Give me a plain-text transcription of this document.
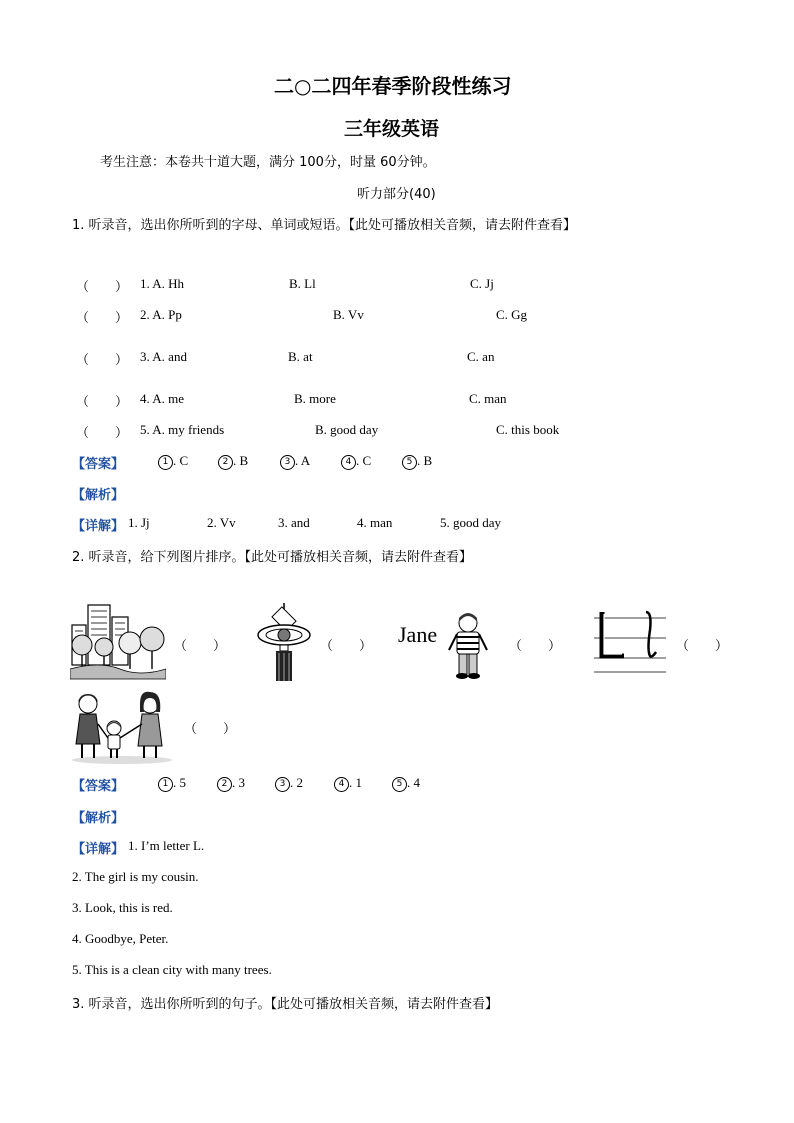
二○二四年春季阶段性练习
三年级英语
考生注意：本卷共十道大题，满分 100分，时量 60分钟。
听力部分(40)
1. 听录音，选出你所听到的字母、单词或短语。【此处可播放相关音频，请去附件查看】
（　　） 1. A. Hh	B. Ll	C. Jj
（　　） 2. A. Pp	B. Vv	C. Gg
（　　） 3. A. and	B. at	C. an
（　　） 4. A. me	B. more	C. man
（　　） 5. A. my friends	B. good day	C. this book
【答案】	1 . C	2 . B	3 . A	4 . C	5 . B
【解析】
【详解】 1. Jj	2. Vv	3. and	4. man	5. good day
2. 听录音，给下列图片排序。【此处可播放相关音频，请去附件查看】
（　　）	（　　） Jane	（　　）	（　　）
（　　）
【答案】	1 . 5	2 . 3	3 . 2	4 . 1	5 . 4
【解析】
【详解】 1. I’m letter L.
2. The girl is my cousin.
3. Look, this is red.
4. Goodbye, Peter.
5. This is a clean city with many trees.
3. 听录音，选出你所听到的句子。【此处可播放相关音频，请去附件查看】
